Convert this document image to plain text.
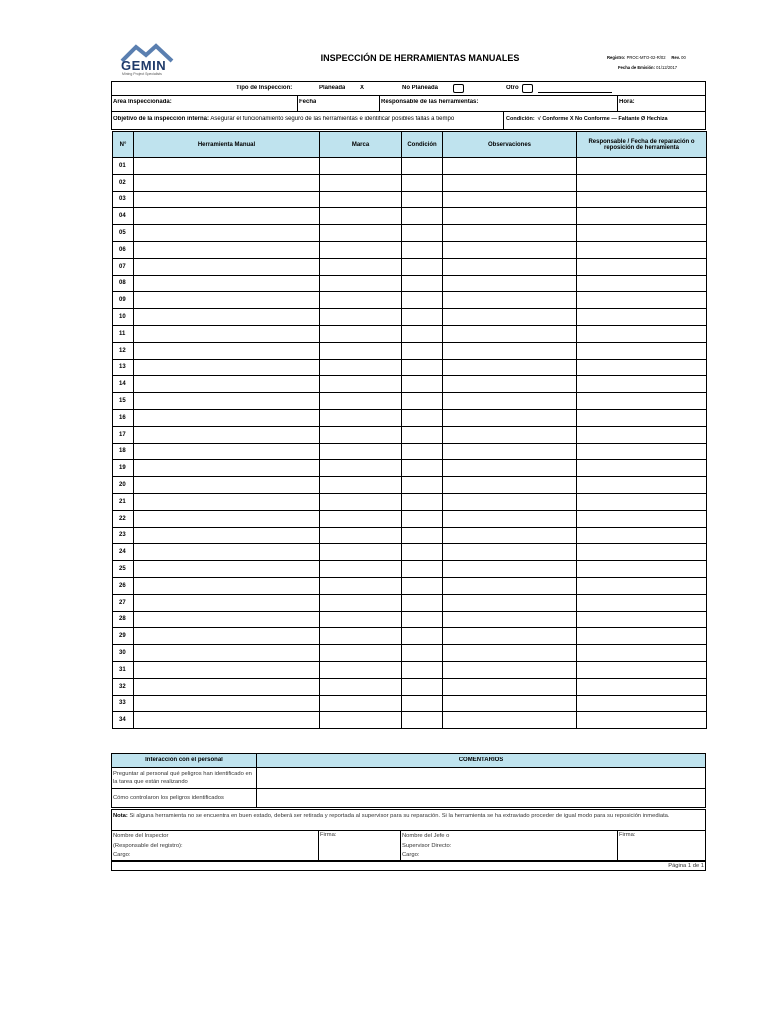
GEMIN
Mining Project Specialists
INSPECCIÓN DE HERRAMIENTAS MANUALES	Registro: PROC-MTO-02-R/02 Rev. 00
Fecha de Emisión: 01/12/2017
Tipo de Inspeccion:	Planeada X	No Planeada	Otro
Area Inspeccionada:	Fecha	Responsable de las herramientas:	Hora:
Objetivo de la inspección interna: Asegurar el funcionamiento seguro de las herramientas e identificar posibles fallas a tiempo	Condición: √ Conforme X No Conforme — Faltante Ø Hechiza
N°	Herramienta Manual	Marca	Condición	Observaciones	Responsable / Fecha de reparación o reposición de herramienta
01					
02					
03					
04					
05					
06					
07					
08					
09					
10					
11					
12					
13					
14					
15					
16					
17					
18					
19					
20					
21					
22					
23					
24					
25					
26					
27					
28					
29					
30					
31					
32					
33					
34					
Interacción con el personal	COMENTARIOS
Preguntar al personal qué peligros han identificado en la tarea que están realizando
Cómo controlaron los peligros identificados
Nota: Si alguna herramienta no se encuentra en buen estado, deberá ser retirada y reportada al supervisor para su reparación. Si la herramienta se ha extraviado proceder de igual modo para su reposición inmediata.
Nombre del Inspector
(Responsable del registro):
Cargo:
Firma:	Nombre del Jefe o
Supervisor Directo:
Cargo:
Firma:
Página 1 de 1
